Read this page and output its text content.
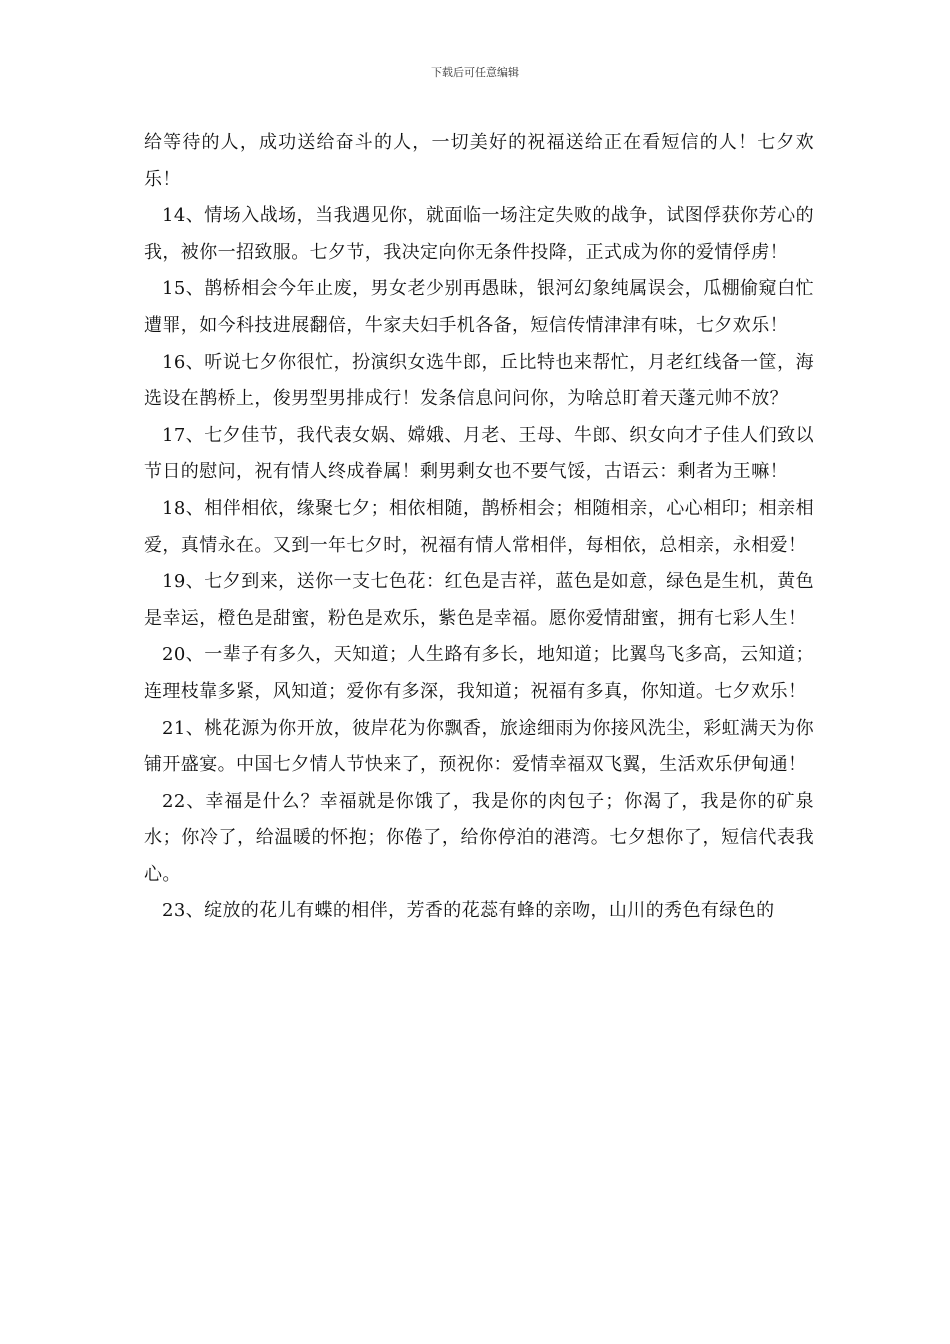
下载后可任意编辑

给等待的人，成功送给奋斗的人，一切美好的祝福送给正在看短信的人！七夕欢乐！

14、情场入战场，当我遇见你，就面临一场注定失败的战争，试图俘获你芳心的我，被你一招致服。七夕节，我决定向你无条件投降，正式成为你的爱情俘虏！

15、鹊桥相会今年止废，男女老少别再愚昧，银河幻象纯属误会，瓜棚偷窥白忙遭罪，如今科技进展翻倍，牛家夫妇手机各备，短信传情津津有味，七夕欢乐！

16、听说七夕你很忙，扮演织女选牛郎，丘比特也来帮忙，月老红线备一筐，海选设在鹊桥上，俊男型男排成行！发条信息问问你，为啥总盯着天蓬元帅不放？

17、七夕佳节，我代表女娲、嫦娥、月老、王母、牛郎、织女向才子佳人们致以节日的慰问，祝有情人终成眷属！剩男剩女也不要气馁，古语云：剩者为王嘛！

18、相伴相依，缘聚七夕；相依相随，鹊桥相会；相随相亲，心心相印；相亲相爱，真情永在。又到一年七夕时，祝福有情人常相伴，每相依，总相亲，永相爱！

19、七夕到来，送你一支七色花：红色是吉祥，蓝色是如意，绿色是生机，黄色是幸运，橙色是甜蜜，粉色是欢乐，紫色是幸福。愿你爱情甜蜜，拥有七彩人生！

20、一辈子有多久，天知道；人生路有多长，地知道；比翼鸟飞多高，云知道；连理枝靠多紧，风知道；爱你有多深，我知道；祝福有多真，你知道。七夕欢乐！

21、桃花源为你开放，彼岸花为你飘香，旅途细雨为你接风洗尘，彩虹满天为你铺开盛宴。中国七夕情人节快来了，预祝你：爱情幸福双飞翼，生活欢乐伊甸通！

22、幸福是什么？幸福就是你饿了，我是你的肉包子；你渴了，我是你的矿泉水；你冷了，给温暖的怀抱；你倦了，给你停泊的港湾。七夕想你了，短信代表我心。

23、绽放的花儿有蝶的相伴，芳香的花蕊有蜂的亲吻，山川的秀色有绿色的
